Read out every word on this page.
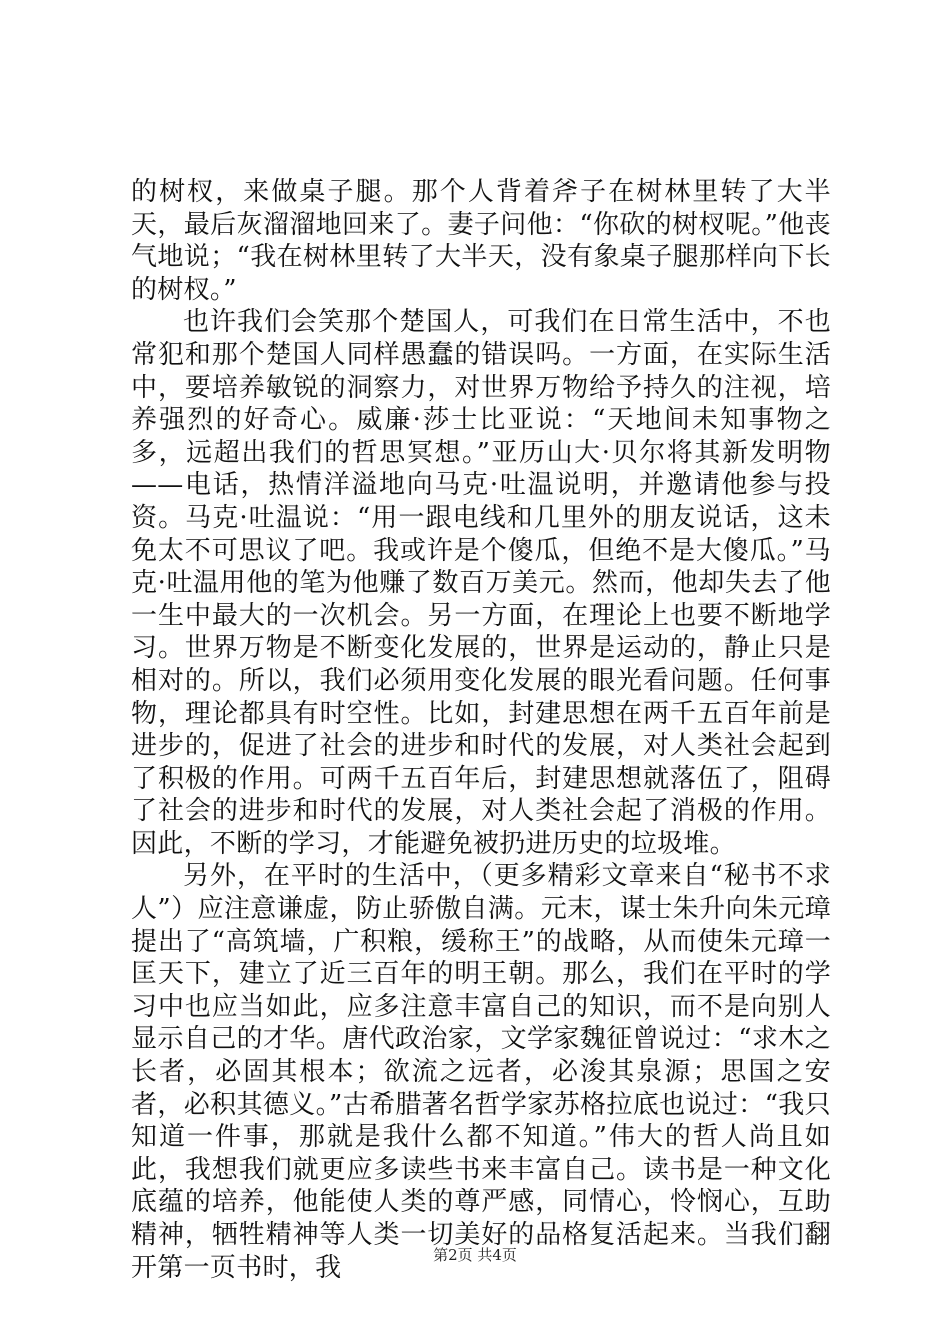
的树杈，来做桌子腿。那个人背着斧子在树林里转了大半天，最后灰溜溜地回来了。妻子问他：“你砍的树杈呢。”他丧气地说；“我在树林里转了大半天，没有象桌子腿那样向下长的树杈。”

也许我们会笑那个楚国人，可我们在日常生活中，不也常犯和那个楚国人同样愚蠢的错误吗。一方面，在实际生活中，要培养敏锐的洞察力，对世界万物给予持久的注视，培养强烈的好奇心。威廉·莎士比亚说：“天地间未知事物之多，远超出我们的哲思冥想。”亚历山大·贝尔将其新发明物——电话，热情洋溢地向马克·吐温说明，并邀请他参与投资。马克·吐温说：“用一跟电线和几里外的朋友说话，这未免太不可思议了吧。我或许是个傻瓜，但绝不是大傻瓜。”马克·吐温用他的笔为他赚了数百万美元。然而，他却失去了他一生中最大的一次机会。另一方面，在理论上也要不断地学习。世界万物是不断变化发展的，世界是运动的，静止只是相对的。所以，我们必须用变化发展的眼光看问题。任何事物，理论都具有时空性。比如，封建思想在两千五百年前是进步的，促进了社会的进步和时代的发展，对人类社会起到了积极的作用。可两千五百年后，封建思想就落伍了，阻碍了社会的进步和时代的发展，对人类社会起了消极的作用。因此，不断的学习，才能避免被扔进历史的垃圾堆。

另外，在平时的生活中，（更多精彩文章来自“秘书不求人”）应注意谦虚，防止骄傲自满。元末，谋士朱升向朱元璋提出了“高筑墙，广积粮，缓称王”的战略，从而使朱元璋一匡天下，建立了近三百年的明王朝。那么，我们在平时的学习中也应当如此，应多注意丰富自己的知识，而不是向别人显示自己的才华。唐代政治家，文学家魏征曾说过：“求木之长者，必固其根本；欲流之远者，必浚其泉源；思国之安者，必积其德义。”古希腊著名哲学家苏格拉底也说过：“我只知道一件事，那就是我什么都不知道。”伟大的哲人尚且如此，我想我们就更应多读些书来丰富自己。读书是一种文化底蕴的培养，他能使人类的尊严感，同情心，怜悯心，互助精神，牺牲精神等人类一切美好的品格复活起来。当我们翻开第一页书时，我	第2页 共4页
